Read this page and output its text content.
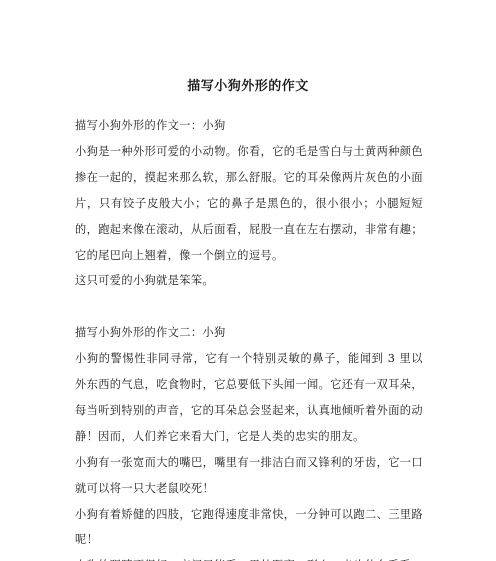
描写小狗外形的作文

描写小狗外形的作文一：小狗

小狗是一种外形可爱的小动物。你看，它的毛是雪白与土黄两种颜色掺在一起的，摸起来那么软，那么舒服。它的耳朵像两片灰色的小面片，只有饺子皮般大小；它的鼻子是黑色的，很小很小；小腿短短的，跑起来像在滚动，从后面看，屁股一直在左右摆动，非常有趣；它的尾巴向上翘着，像一个倒立的逗号。

这只可爱的小狗就是笨笨。

描写小狗外形的作文二：小狗

小狗的警惕性非同寻常，它有一个特别灵敏的鼻子，能闻到 3 里以外东西的气息，吃食物时，它总要低下头闻一闻。它还有一双耳朵，每当听到特别的声音，它的耳朵总会竖起来，认真地倾听着外面的动静！因而，人们养它来看大门，它是人类的忠实的朋友。

小狗有一张宽而大的嘴巴，嘴里有一排洁白而又锋利的牙齿，它一口就可以将一只大老鼠咬死！

小狗有着矫健的四肢，它跑得速度非常快，一分钟可以跑二、三里路呢！
